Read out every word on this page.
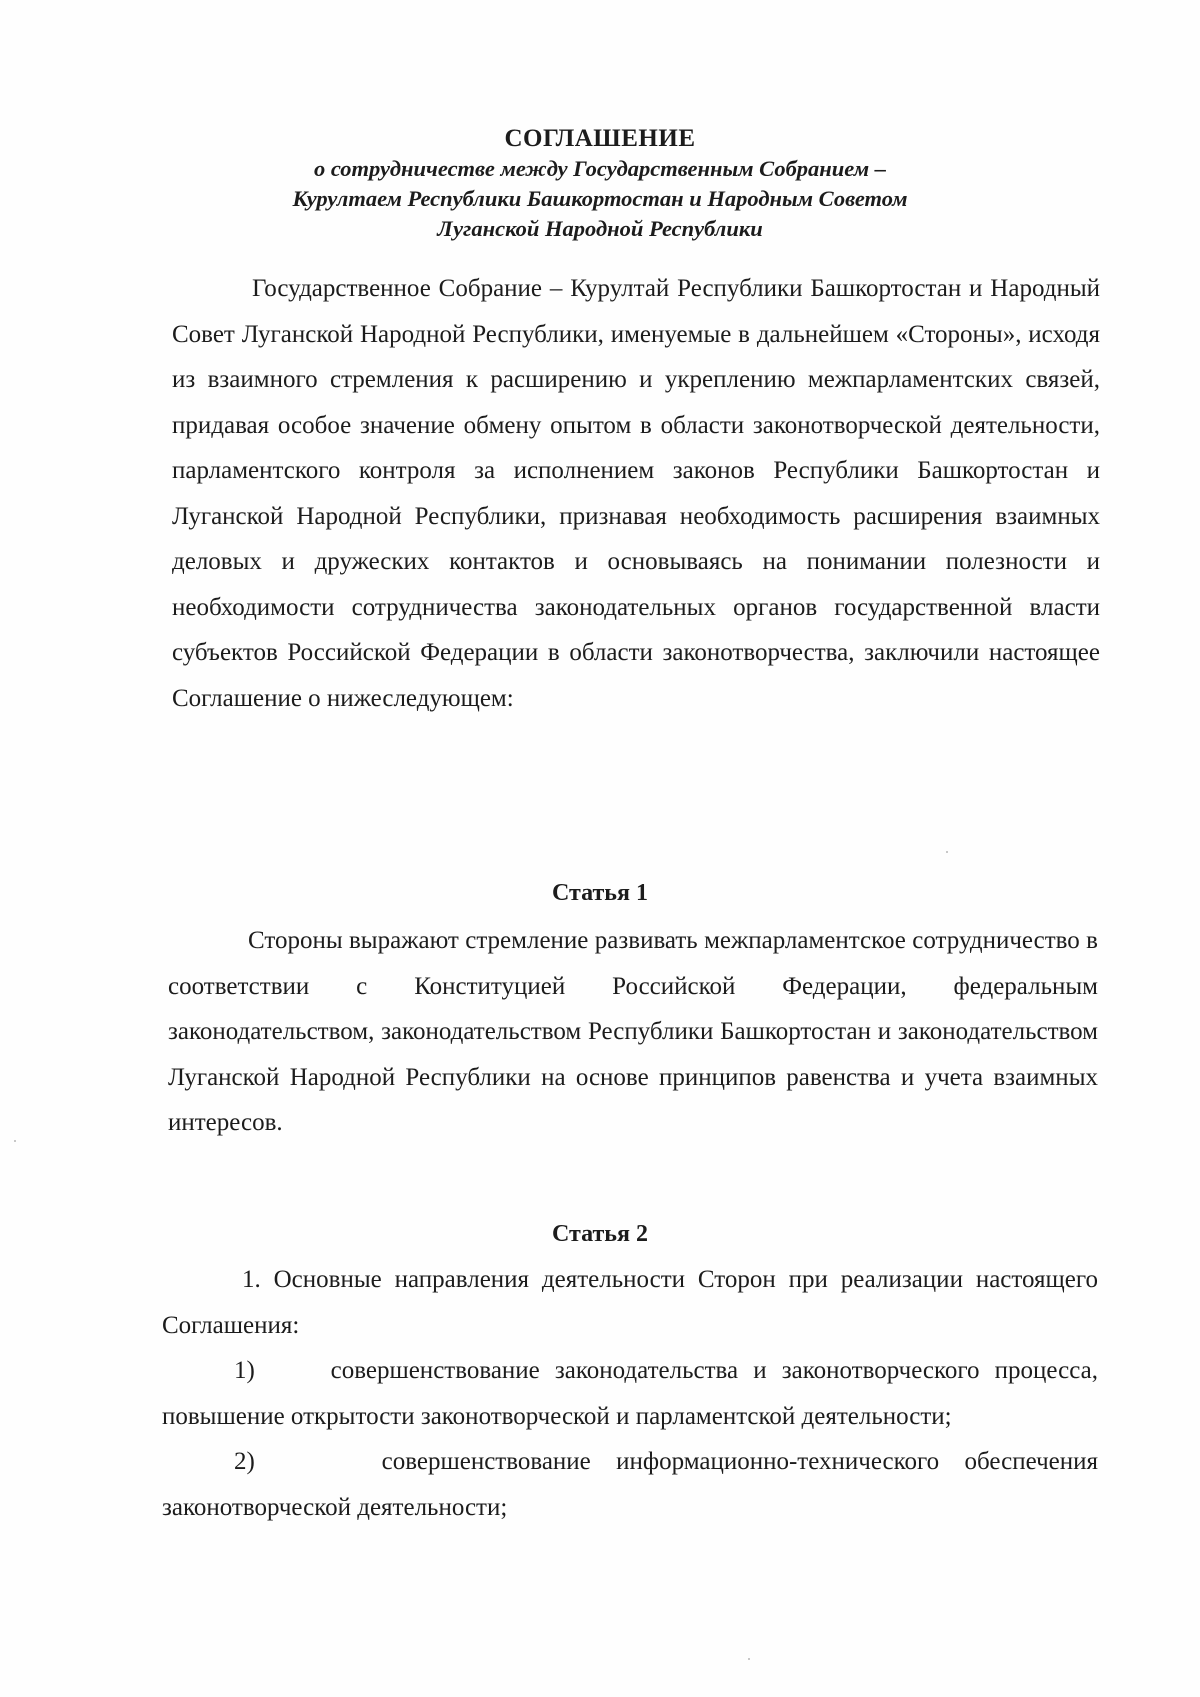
СОГЛАШЕНИЕ
о сотрудничестве между Государственным Собранием –
Курултаем Республики Башкортостан и Народным Советом
Луганской Народной Республики

Государственное Собрание – Курултай Республики Башкортостан и Народный Совет Луганской Народной Республики, именуемые в дальнейшем «Стороны», исходя из взаимного стремления к расширению и укреплению межпарламентских связей, придавая особое значение обмену опытом в области законотворческой деятельности, парламентского контроля за исполнением законов Республики Башкортостан и Луганской Народной Республики, признавая необходимость расширения взаимных деловых и дружеских контактов и основываясь на понимании полезности и необходимости сотрудничества законодательных органов государственной власти субъектов Российской Федерации в области законотворчества, заключили настоящее Соглашение о нижеследующем:

Статья 1

Стороны выражают стремление развивать межпарламентское сотрудничество в соответствии с Конституцией Российской Федерации, федеральным законодательством, законодательством Республики Башкортостан и законодательством Луганской Народной Республики на основе принципов равенства и учета взаимных интересов.

Статья 2

1. Основные направления деятельности Сторон при реализации настоящего Соглашения:

1)     совершенствование законодательства и законотворческого процесса, повышение открытости законотворческой и парламентской деятельности;

2)     совершенствование информационно-технического обеспечения законотворческой деятельности;
